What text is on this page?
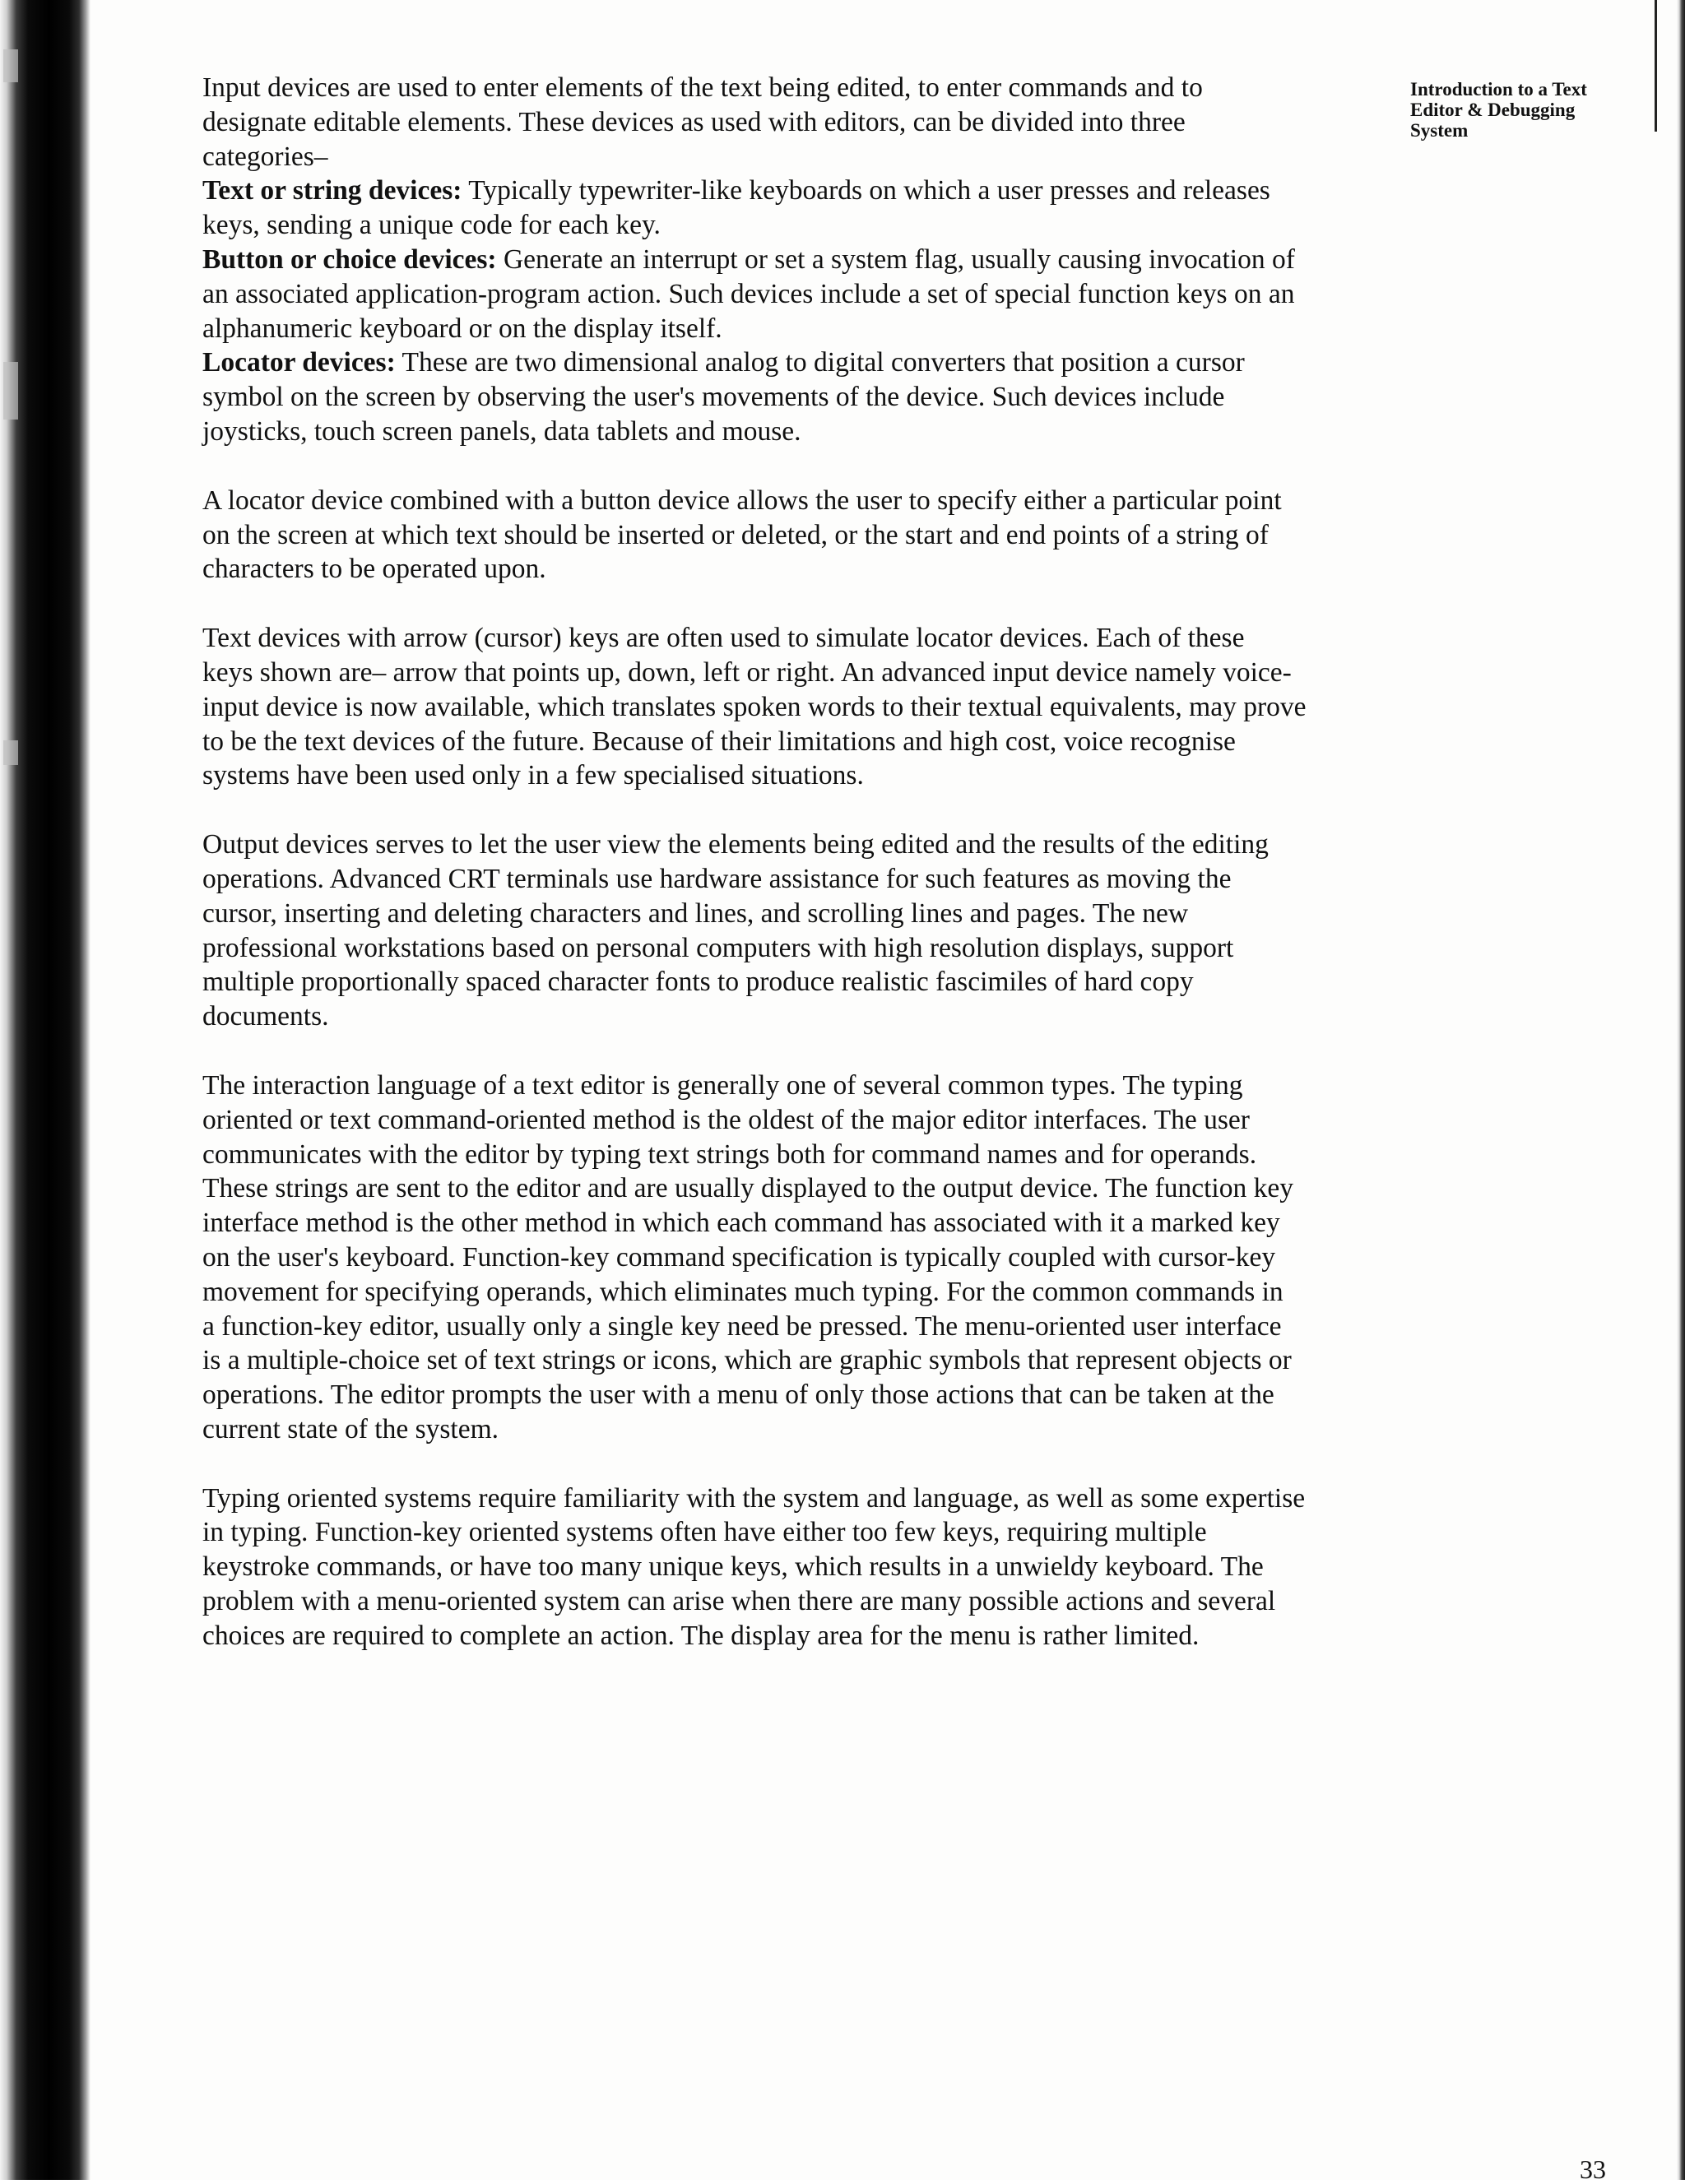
Introduction to a Text
Editor & Debugging
System

Input devices are used to enter elements of the text being edited, to enter commands and to
designate editable elements. These devices as used with editors, can be divided into three
categories–

Text or string devices: Typically typewriter-like keyboards on which a user presses and releases
keys, sending a unique code for each key.

Button or choice devices: Generate an interrupt or set a system flag, usually causing invocation of
an associated application-program action. Such devices include a set of special function keys on an
alphanumeric keyboard or on the display itself.

Locator devices: These are two dimensional analog to digital converters that position a cursor
symbol on the screen by observing the user's movements of the device. Such devices include
joysticks, touch screen panels, data tablets and mouse.

A locator device combined with a button device allows the user to specify either a particular point
on the screen at which text should be inserted or deleted, or the start and end points of a string of
characters to be operated upon.

Text devices with arrow (cursor) keys are often used to simulate locator devices. Each of these
keys shown are– arrow that points up, down, left or right. An advanced input device namely voice-
input device is now available, which translates spoken words to their textual equivalents, may prove
to be the text devices of the future. Because of their limitations and high cost, voice recognise
systems have been used only in a few specialised situations.

Output devices serves to let the user view the elements being edited and the results of the editing
operations. Advanced CRT terminals use hardware assistance for such features as moving the
cursor, inserting and deleting characters and lines, and scrolling lines and pages. The new
professional workstations based on personal computers with high resolution displays, support
multiple proportionally spaced character fonts to produce realistic fascimiles of hard copy
documents.

The interaction language of a text editor is generally one of several common types. The typing
oriented or text command-oriented method is the oldest of the major editor interfaces. The user
communicates with the editor by typing text strings both for command names and for operands.
These strings are sent to the editor and are usually displayed to the output device. The function key
interface method is the other method in which each command has associated with it a marked key
on the user's keyboard. Function-key command specification is typically coupled with cursor-key
movement for specifying operands, which eliminates much typing. For the common commands in
a function-key editor, usually only a single key need be pressed. The menu-oriented user interface
is a multiple-choice set of text strings or icons, which are graphic symbols that represent objects or
operations. The editor prompts the user with a menu of only those actions that can be taken at the
current state of the system.

Typing oriented systems require familiarity with the system and language, as well as some expertise
in typing. Function-key oriented systems often have either too few keys, requiring multiple
keystroke commands, or have too many unique keys, which results in a unwieldy keyboard. The
problem with a menu-oriented system can arise when there are many possible actions and several
choices are required to complete an action. The display area for the menu is rather limited.

33
